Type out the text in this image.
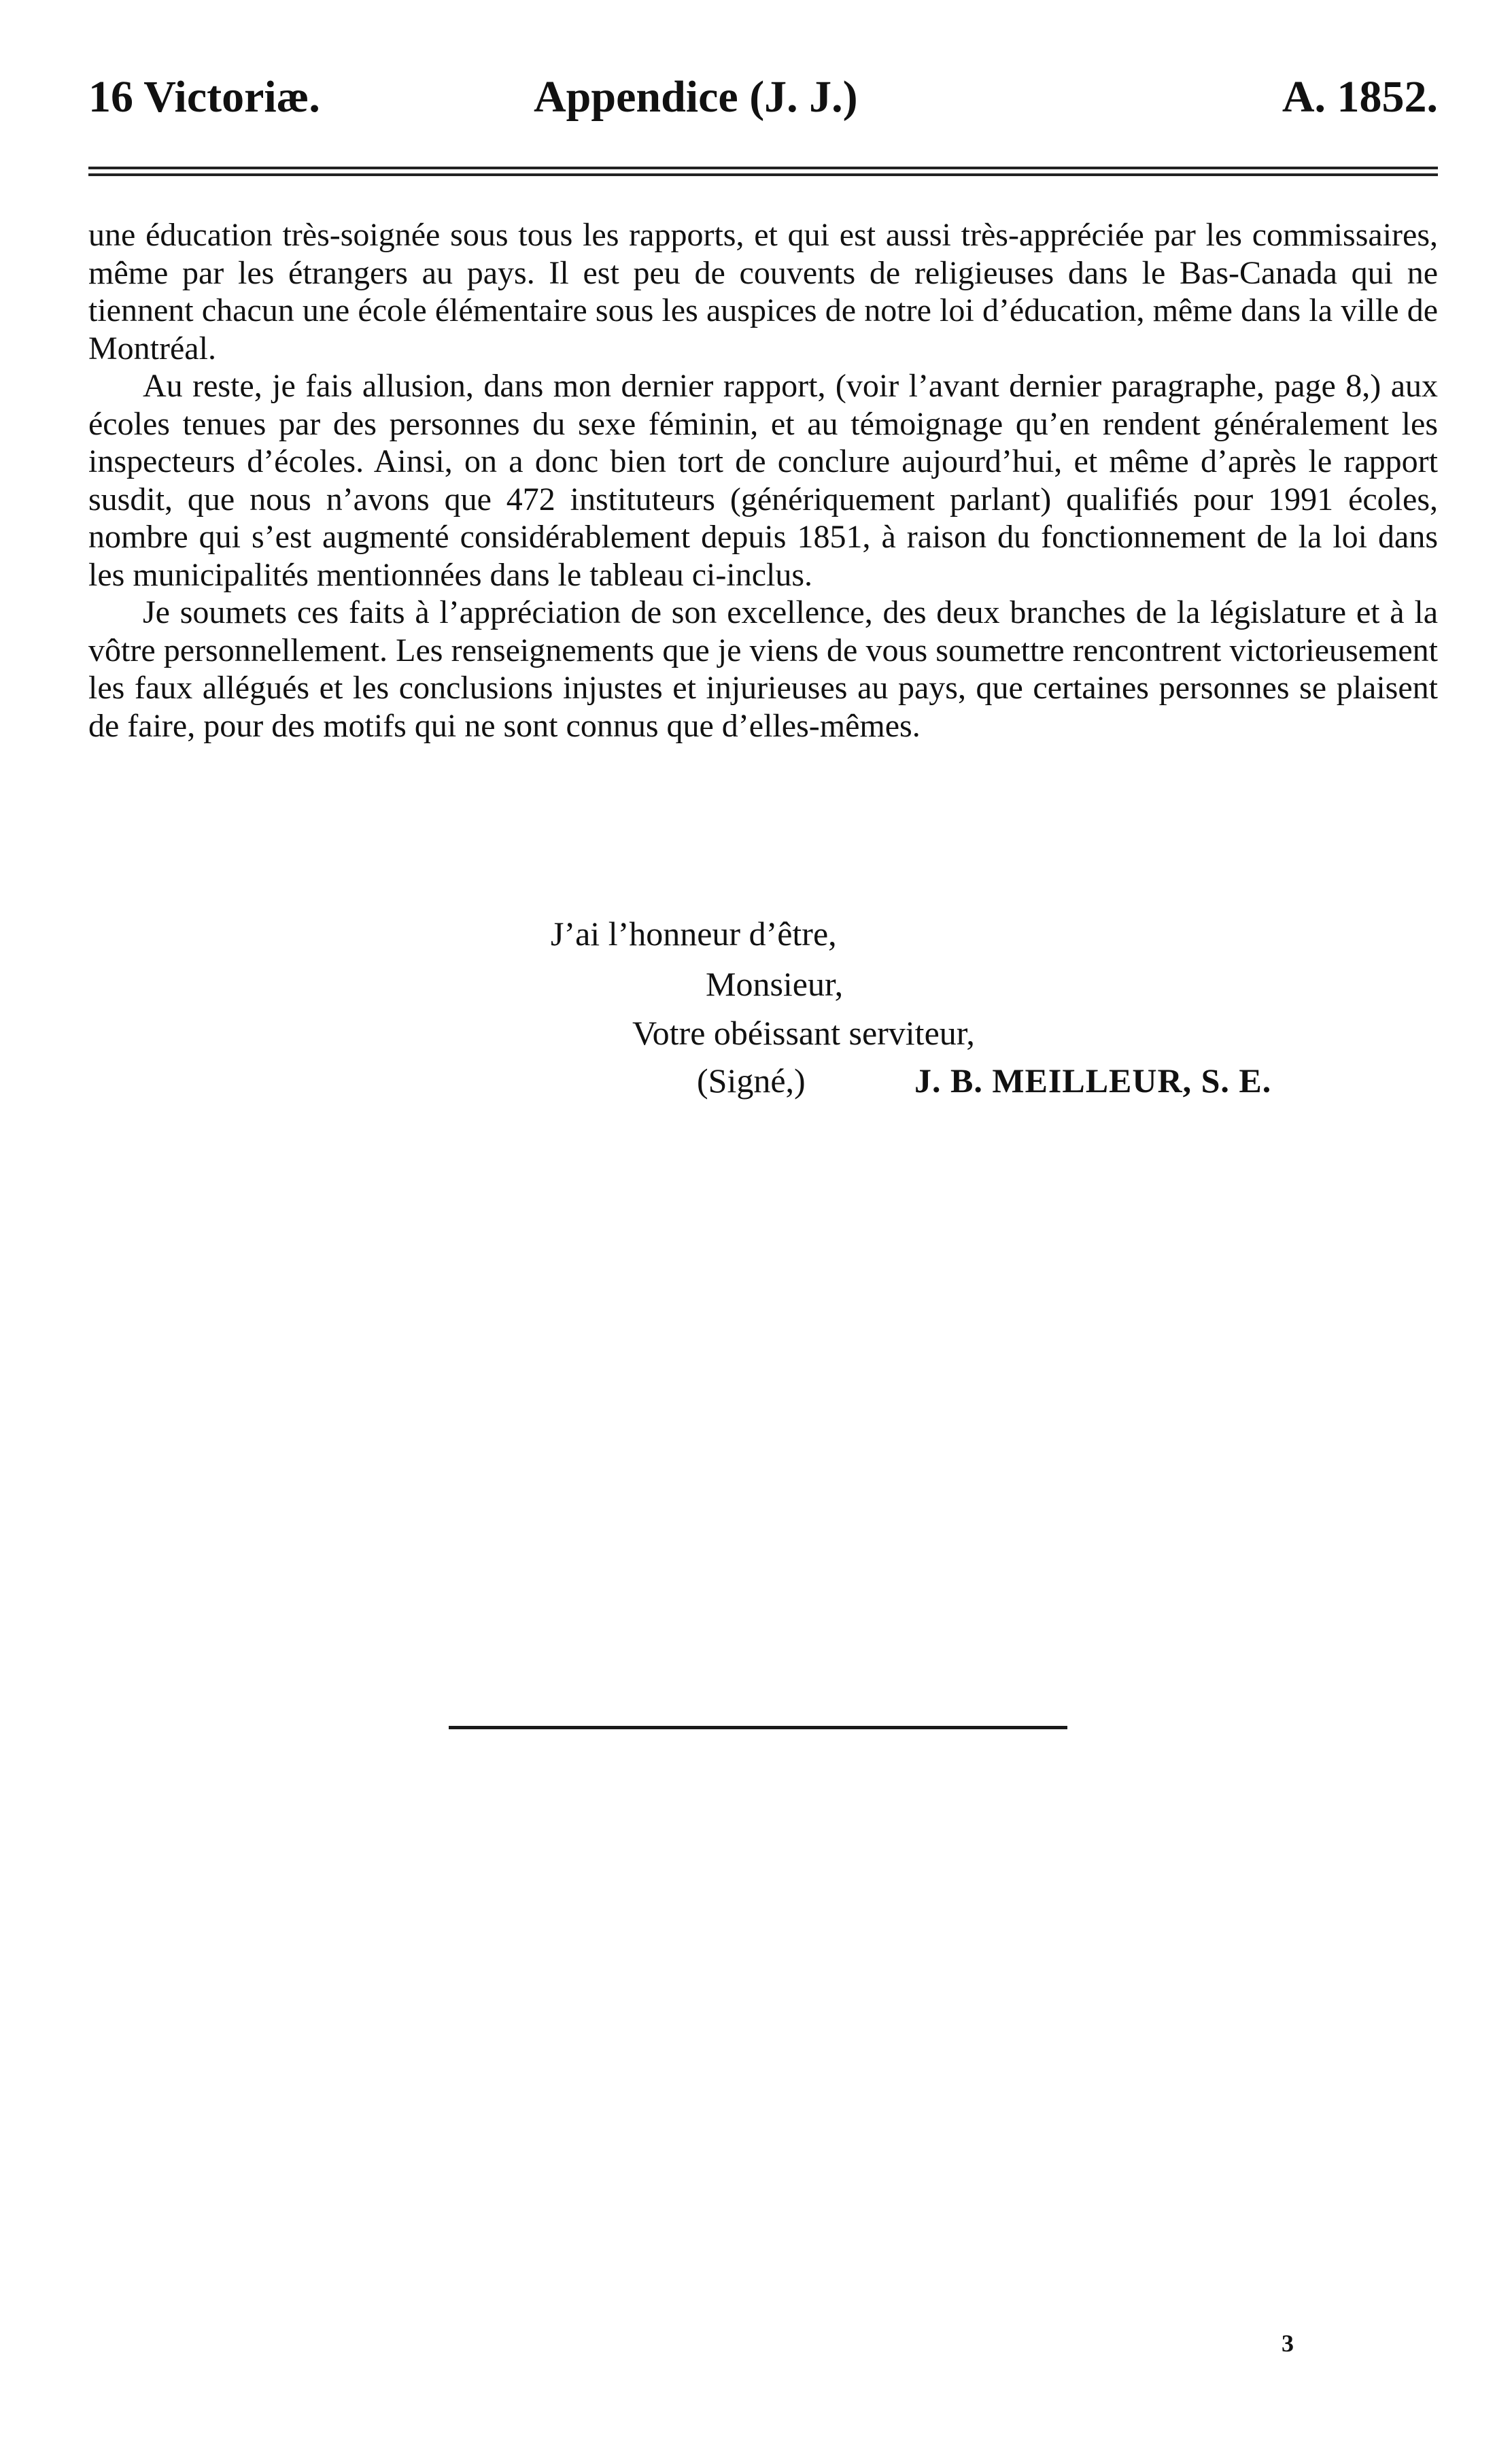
16 Victoriæ.	Appendice (J. J.)	A. 1852.

une éducation très-soignée sous tous les rapports, et qui est aussi très-appréciée par les commissaires, même par les étrangers au pays. Il est peu de couvents de religieuses dans le Bas-Canada qui ne tiennent chacun une école élémentaire sous les auspices de notre loi d’éducation, même dans la ville de Montréal.

Au reste, je fais allusion, dans mon dernier rapport, (voir l’avant dernier paragraphe, page 8,) aux écoles tenues par des personnes du sexe féminin, et au témoignage qu’en rendent généralement les inspecteurs d’écoles. Ainsi, on a donc bien tort de conclure aujourd’hui, et même d’après le rapport susdit, que nous n’avons que 472 instituteurs (génériquement parlant) qualifiés pour 1991 écoles, nombre qui s’est augmenté considérablement depuis 1851, à raison du fonctionnement de la loi dans les municipalités mentionnées dans le tableau ci-inclus.

Je soumets ces faits à l’appréciation de son excellence, des deux branches de la législature et à la vôtre personnellement. Les renseignements que je viens de vous soumettre rencontrent victorieusement les faux allégués et les conclusions injustes et injurieuses au pays, que certaines personnes se plaisent de faire, pour des motifs qui ne sont connus que d’elles-mêmes.

J’ai l’honneur d’être,
Monsieur,
Votre obéissant serviteur,
(Signé,)	J. B. MEILLEUR, S. E.
3
